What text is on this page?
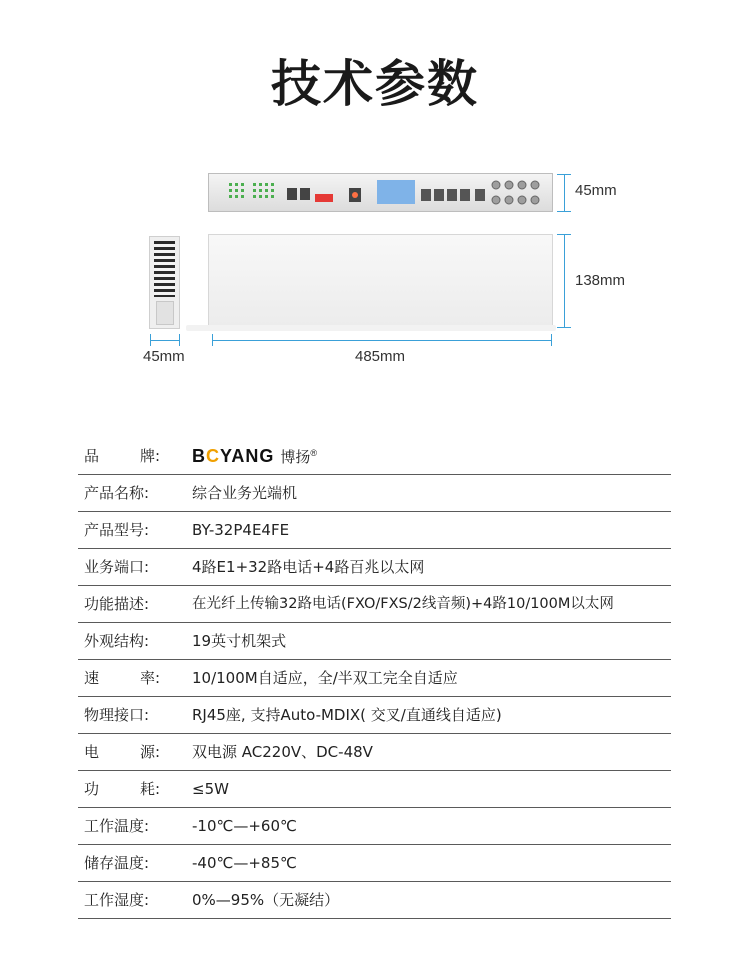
技术参数
45mm
138mm
45mm	485mm
品	牌: BCYANG 博扬®
产品名称:	综合业务光端机
产品型号:	BY-32P4E4FE
业务端口:	4路E1+32路电话+4路百兆以太网
功能描述:	在光纤上传输32路电话(FXO/FXS/2线音频)+4路10/100M以太网
外观结构:	19英寸机架式
速	率: 10/100M自适应，全/半双工完全自适应
物理接口:	RJ45座, 支持Auto-MDIX( 交叉/直通线自适应)
电	源: 双电源 AC220V、DC-48V
功	耗: ≤5W
工作温度:	-10℃—+60℃
储存温度:	-40℃—+85℃
工作湿度:	0%—95%（无凝结）
